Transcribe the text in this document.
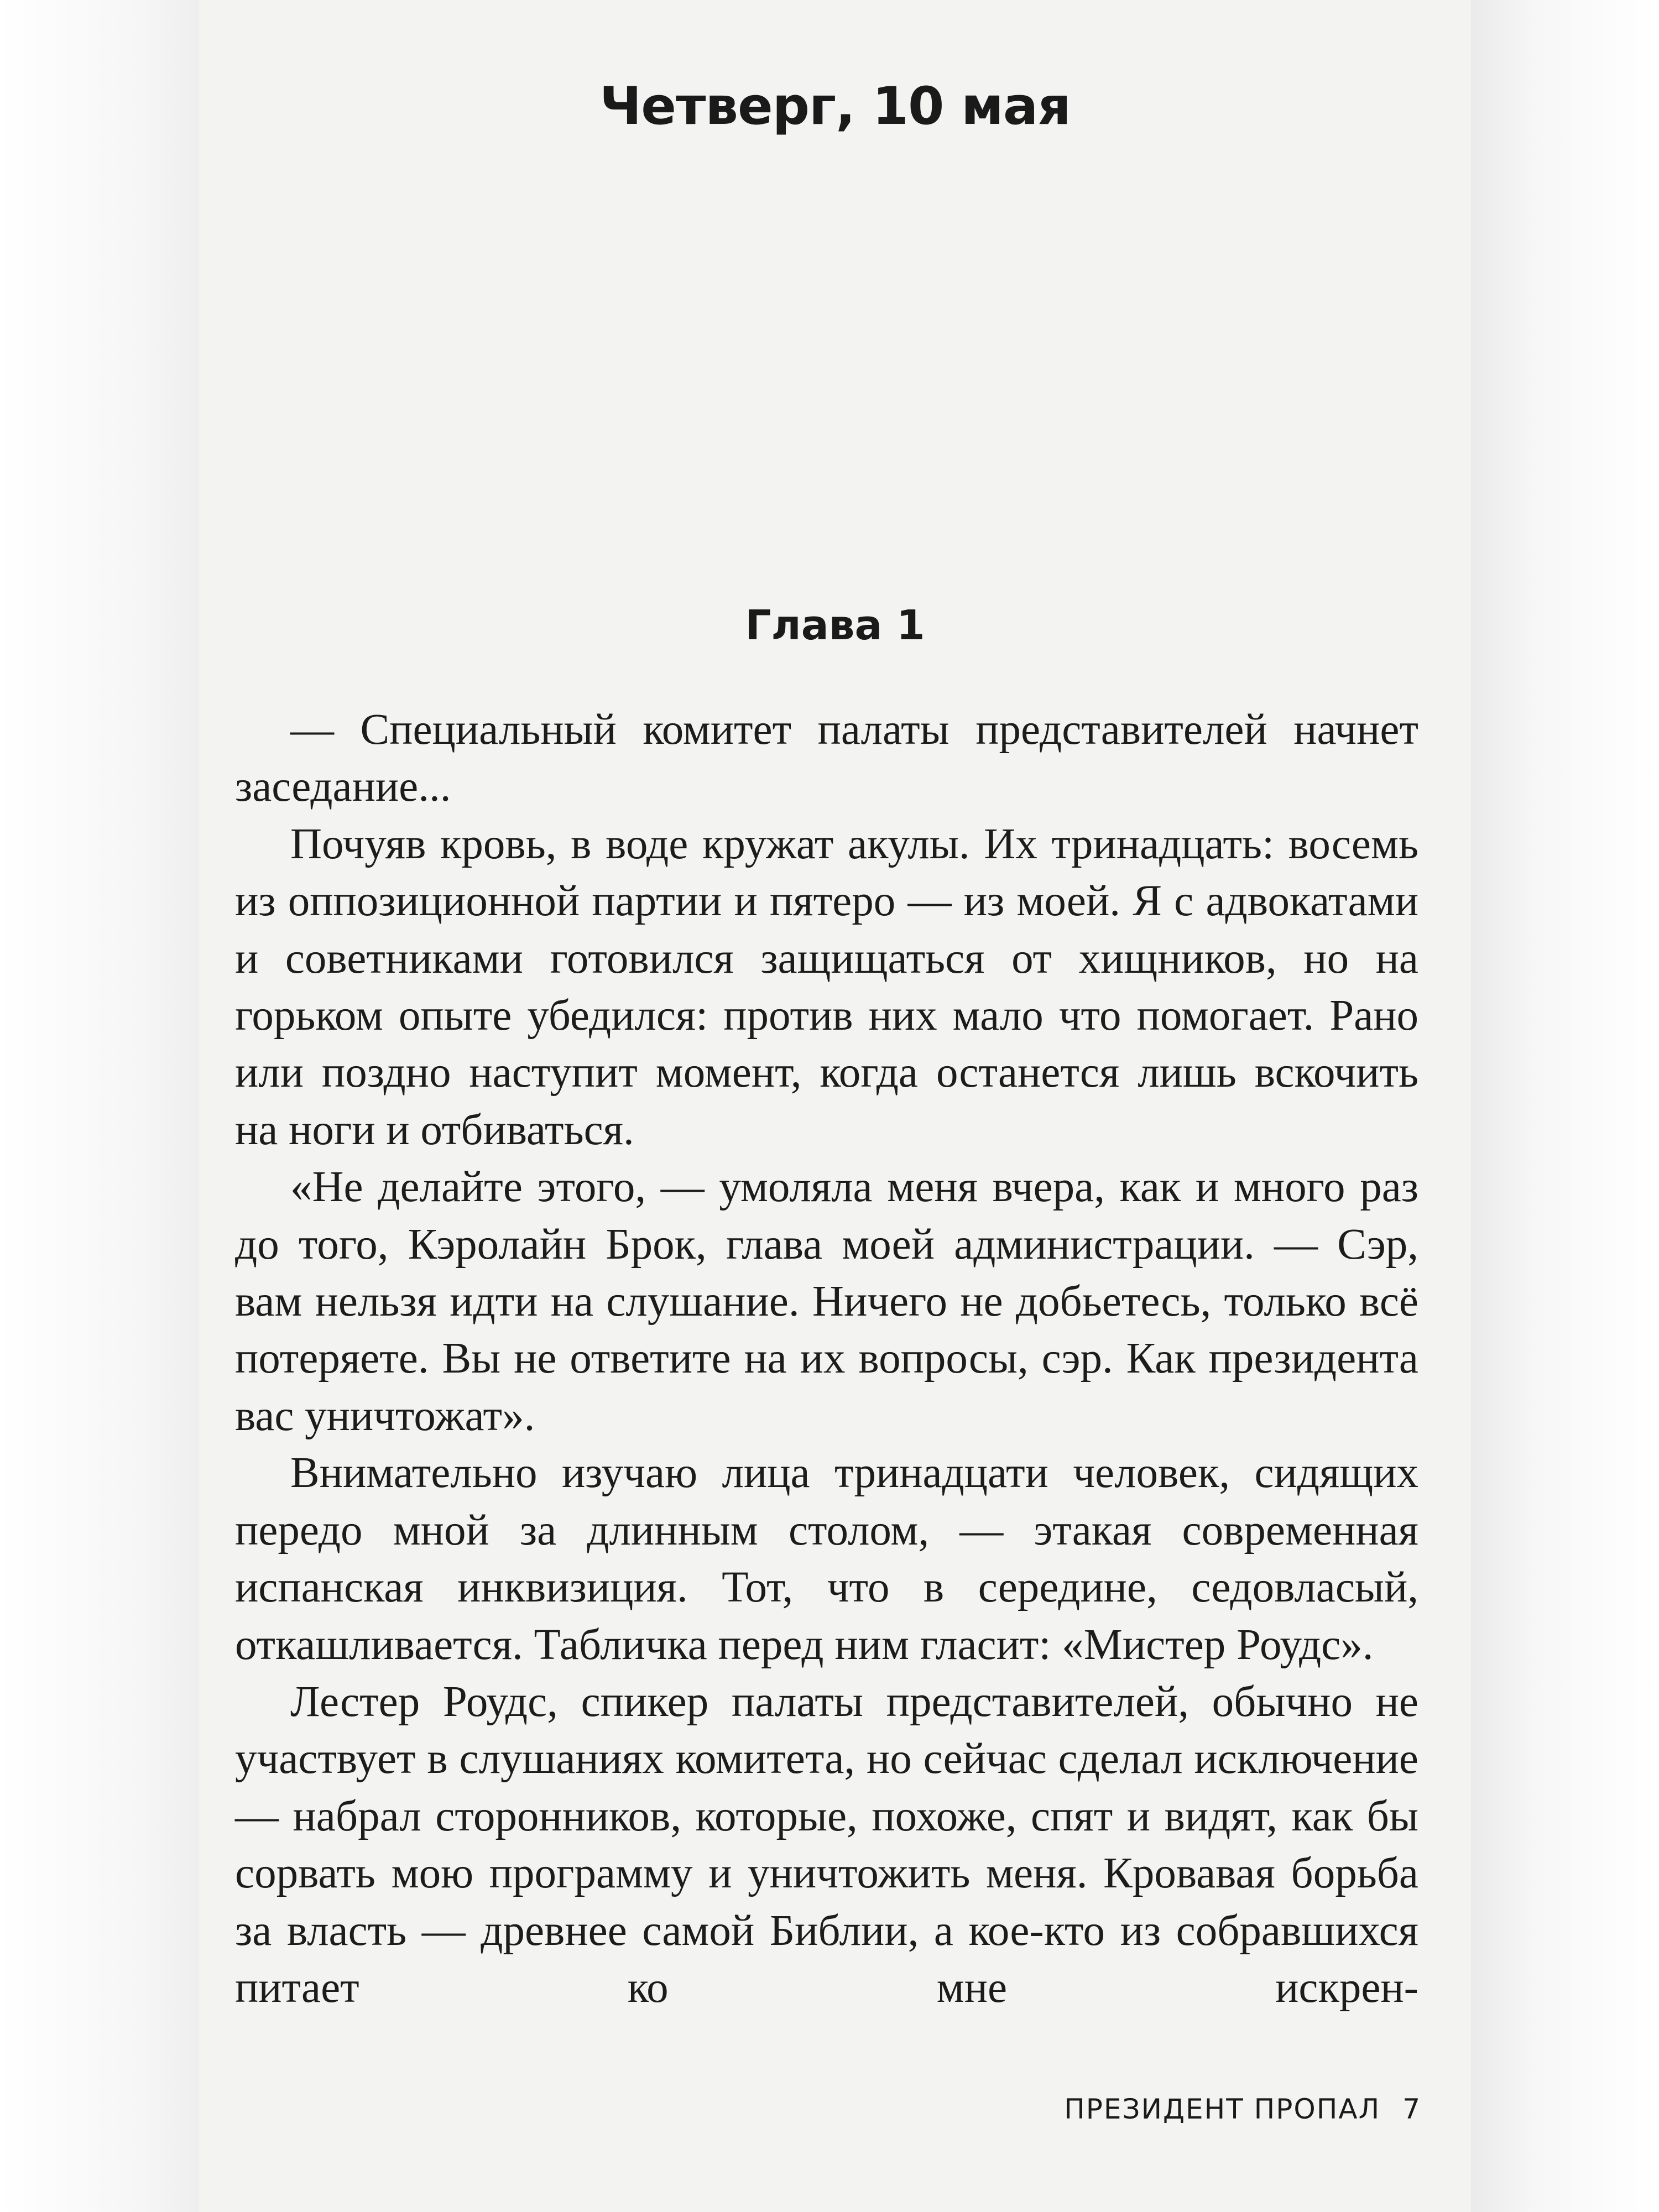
Четверг, 10 мая
Глава 1

— Специальный комитет палаты представителей начнет заседание...

Почуяв кровь, в воде кружат акулы. Их тринадцать: восемь из оппозиционной партии и пятеро — из моей. Я с адвокатами и советниками готовился защищаться от хищников, но на горьком опыте убедился: против них мало что помогает. Рано или поздно наступит момент, когда останется лишь вскочить на ноги и отбиваться.

«Не делайте этого, — умоляла меня вчера, как и много раз до того, Кэролайн Брок, глава моей администрации. — Сэр, вам нельзя идти на слушание. Ничего не добьетесь, только всё потеряете. Вы не ответите на их вопросы, сэр. Как президента вас уничтожат».

Внимательно изучаю лица тринадцати человек, сидящих передо мной за длинным столом, — этакая современная испанская инквизиция. Тот, что в середине, седовласый, откашливается. Табличка перед ним гласит: «Мистер Роудс».

Лестер Роудс, спикер палаты представителей, обычно не участвует в слушаниях комитета, но сейчас сделал исключение — набрал сторонников, которые, похоже, спят и видят, как бы сорвать мою программу и уничтожить меня. Кровавая борьба за власть — древнее самой Библии, а кое-кто из собравшихся питает ко мне искрен-

ПРЕЗИДЕНТ ПРОПАЛ 7
